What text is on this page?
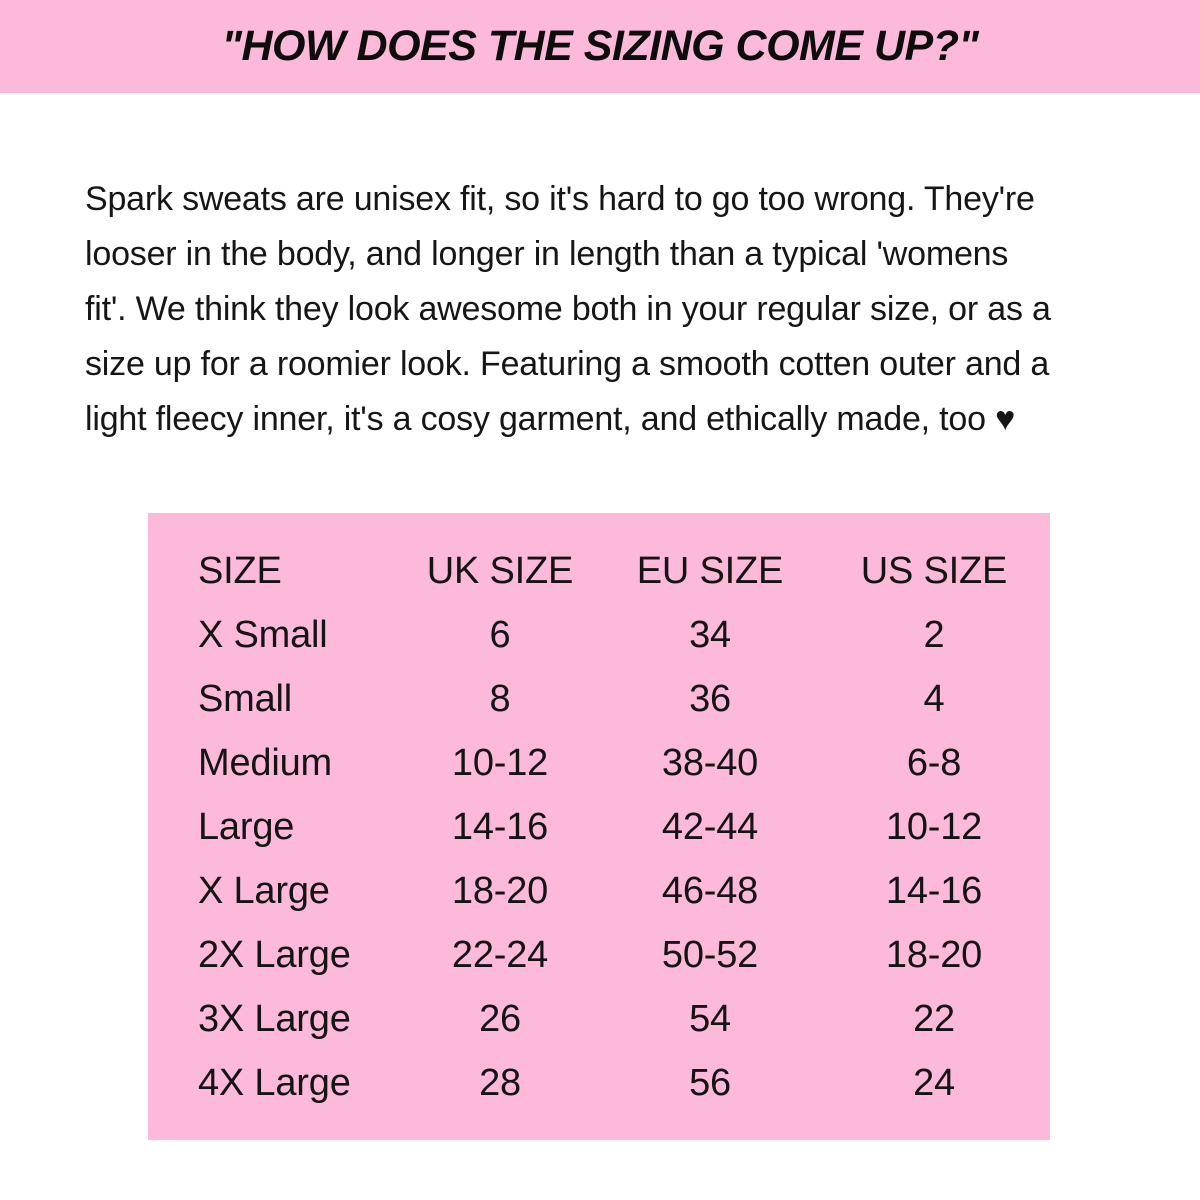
"HOW DOES THE SIZING COME UP?"
Spark sweats are unisex fit, so it's hard to go too wrong. They're
looser in the body, and longer in length than a typical 'womens
fit'. We think they look awesome both in your regular size, or as a
size up for a roomier look. Featuring a smooth cotten outer and a
light fleecy inner, it's a cosy garment, and ethically made, too ♥
SIZE	UK SIZE	EU SIZE	US SIZE
X Small	6	34	2
Small	8	36	4
Medium	10-12	38-40	6-8
Large	14-16	42-44	10-12
X Large	18-20	46-48	14-16
2X Large	22-24	50-52	18-20
3X Large	26	54	22
4X Large	28	56	24
